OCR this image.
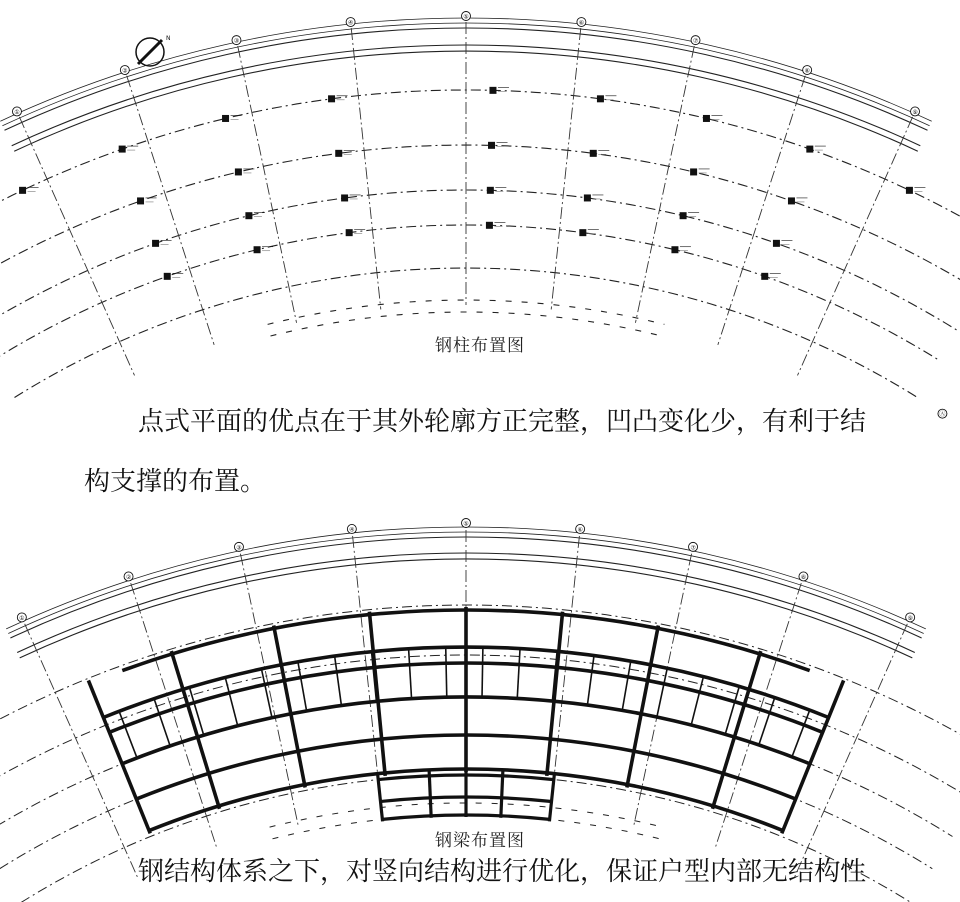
①
②
③
④
⑤
⑥
⑦
⑧
⑨
Ⓐ
N
钢柱布置图
点式平面的优点在于其外轮廓方正完整，凹凸变化少，有利于结
构支撑的布置。
①
②
③
④
⑤
⑥
⑦
⑧
⑨
钢梁布置图
钢结构体系之下，对竖向结构进行优化，保证户型内部无结构性
